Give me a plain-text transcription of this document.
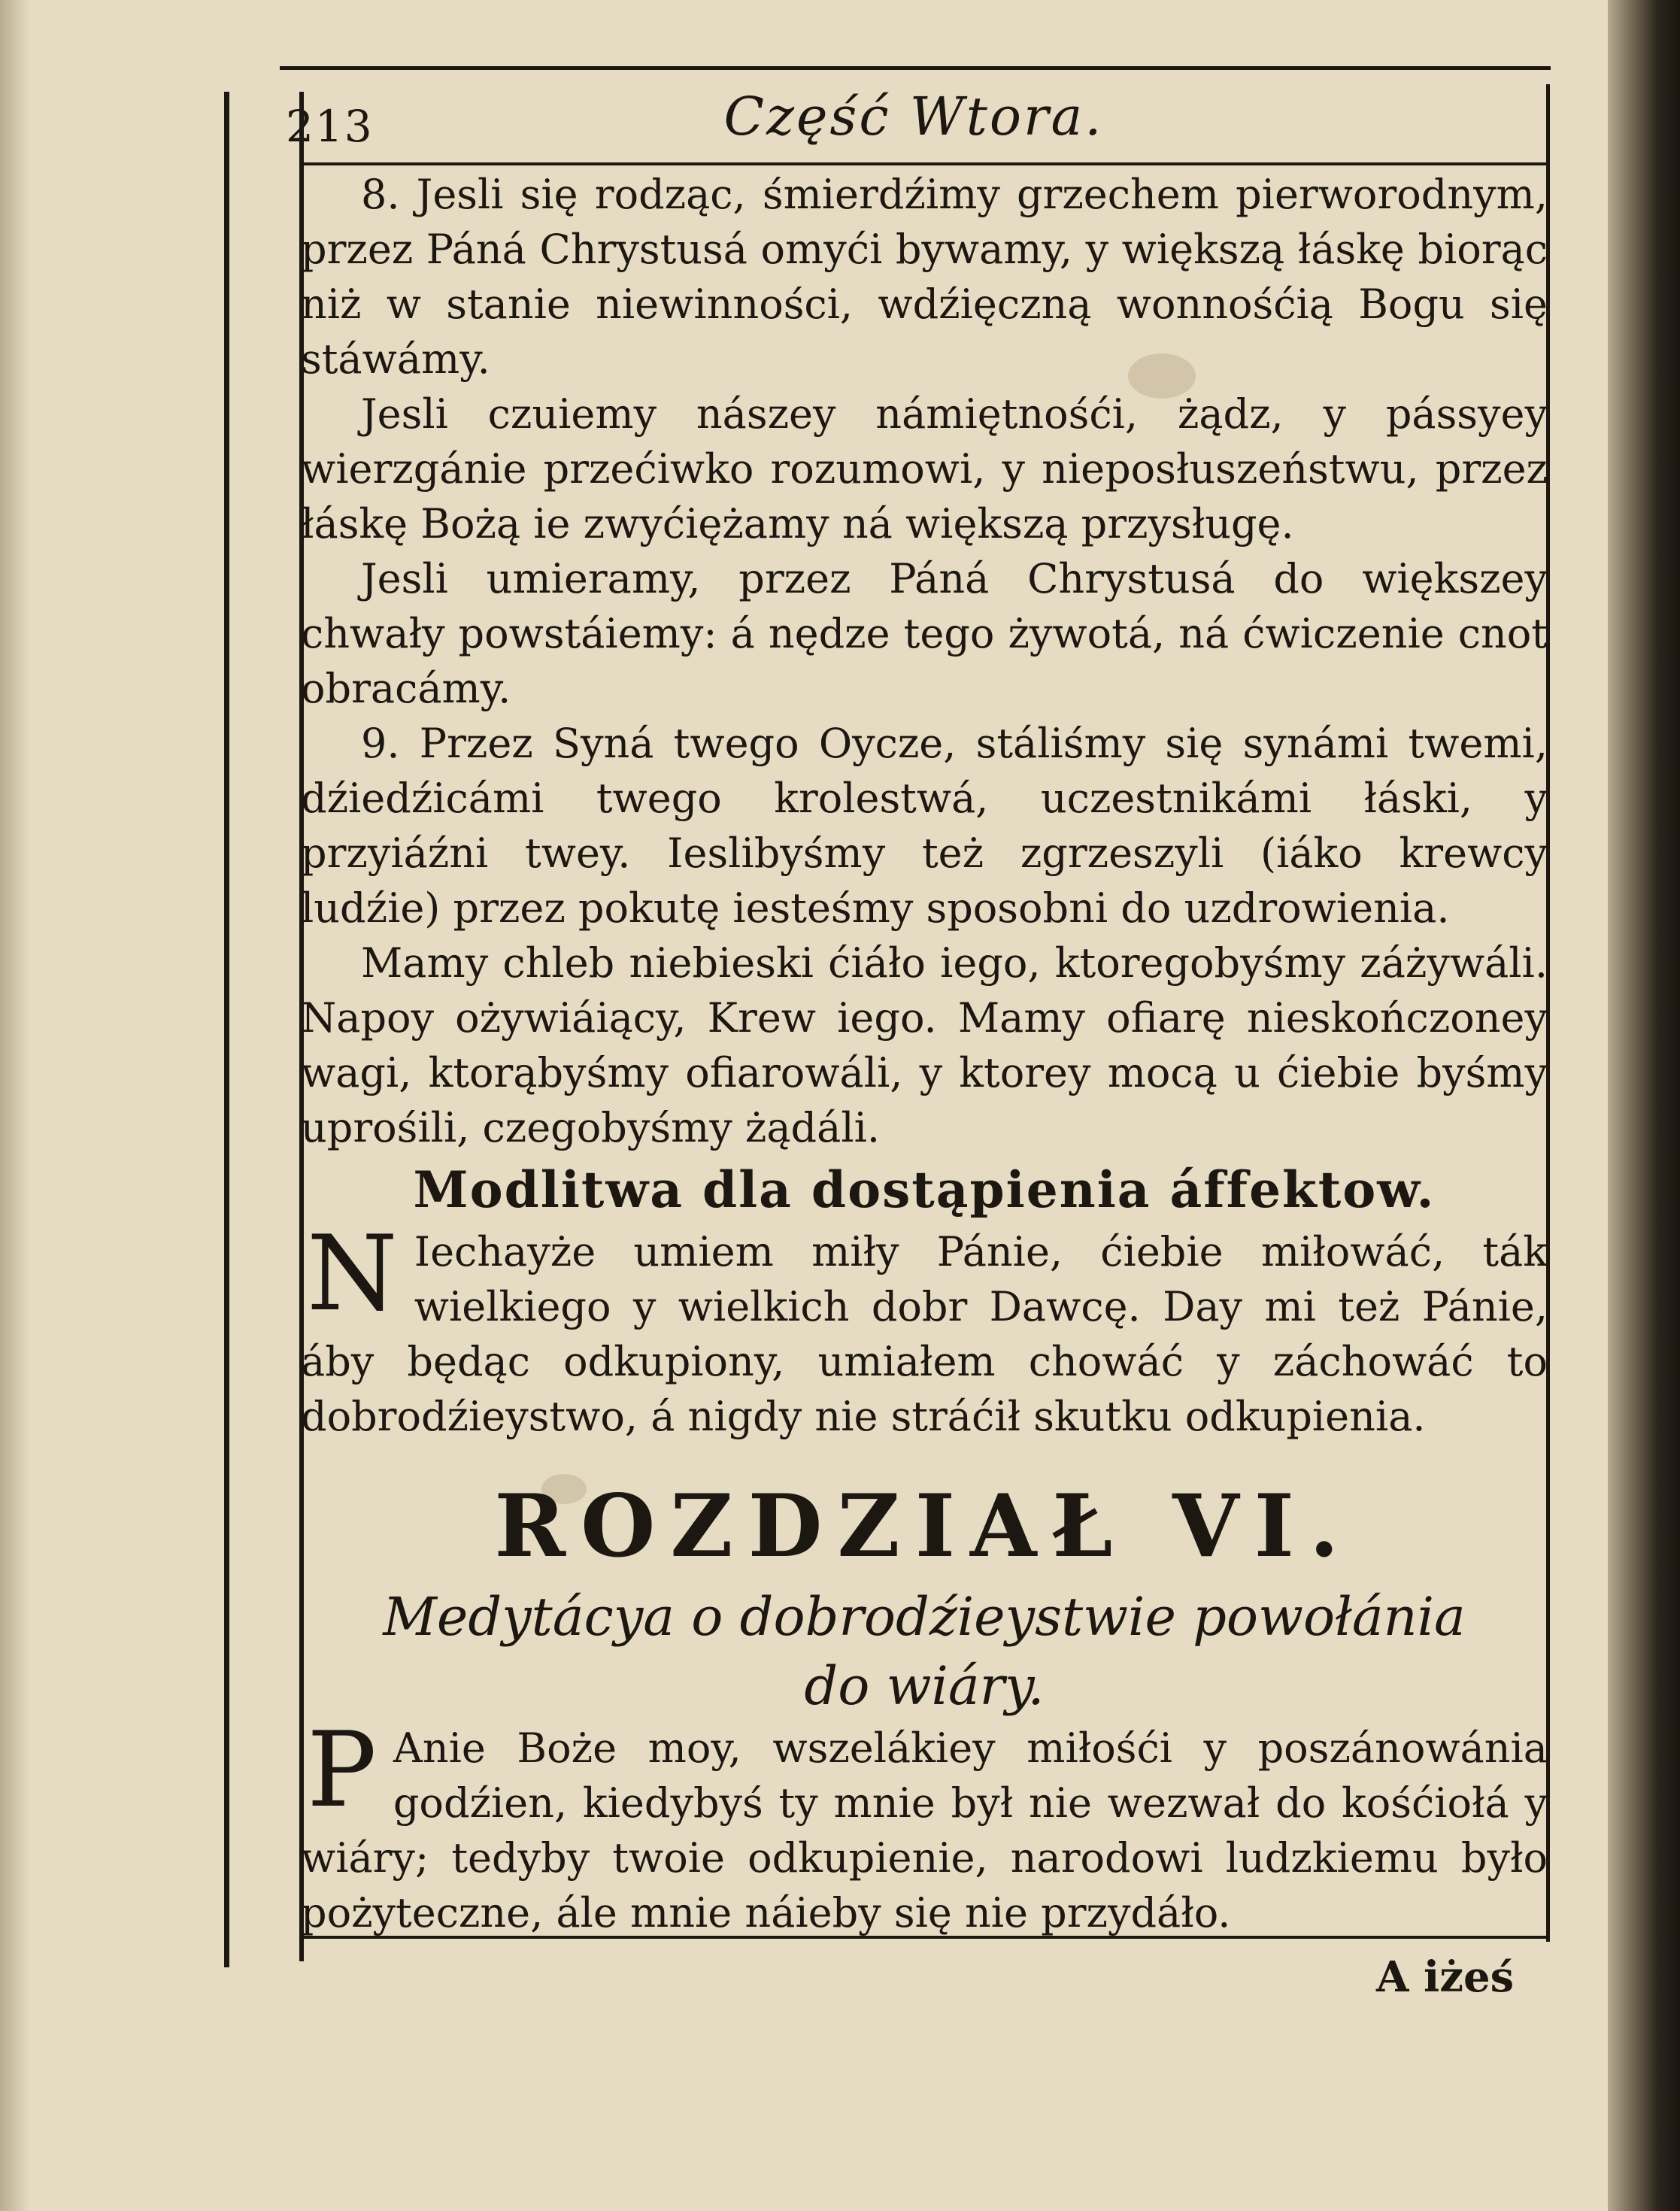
213	Część Wtora.

8. Jesli się rodząc, śmierdźimy grzechem pierworodnym, przez Páná Chrystusá omyći bywamy, y większą łáskę biorąc niż w stanie niewinności, wdźięczną wonnośćią Bogu się stáwámy.

Jesli czuiemy nászey námiętnośći, żądz, y pássyey wierzgánie przećiwko rozumowi, y nieposłuszeństwu, przez łáskę Bożą ie zwyćiężamy ná większą przysługę.

Jesli umieramy, przez Páná Chrystusá do większey chwały powstáiemy: á nędze tego żywotá, ná ćwiczenie cnot obracámy.

9. Przez Syná twego Oycze, stáliśmy się synámi twemi, dźiedźicámi twego krolestwá, uczestnikámi łáski, y przyiáźni twey. Ieslibyśmy też zgrzeszyli (iáko krewcy ludźie) przez pokutę iesteśmy sposobni do uzdrowienia.

Mamy chleb niebieski ćiáło iego, ktoregobyśmy záżywáli. Napoy ożywiáiący, Krew iego. Mamy ofiarę nieskończoney wagi, ktorąbyśmy ofiarowáli, y ktorey mocą u ćiebie byśmy uprośili, czegobyśmy żądáli.

Modlitwa dla dostąpienia áffektow.

N Iechayże umiem miły Pánie, ćiebie miłowáć, ták wielkiego y wielkich dobr Dawcę. Day mi też Pánie, áby będąc odkupiony, umiałem chowáć y záchowáć to dobrodźieystwo, á nigdy nie stráćił skutku odkupienia.

ROZDZIAŁ VI.
Medytácya o dobrodźieystwie powołánia
do wiáry.

P Anie Boże moy, wszelákiey miłośći y poszánowánia godźien, kiedybyś ty mnie był nie wezwał do kośćiołá y wiáry; tedyby twoie odkupienie, narodowi ludzkiemu było pożyteczne, ále mnie náieby się nie przydáło.

A iżeś
